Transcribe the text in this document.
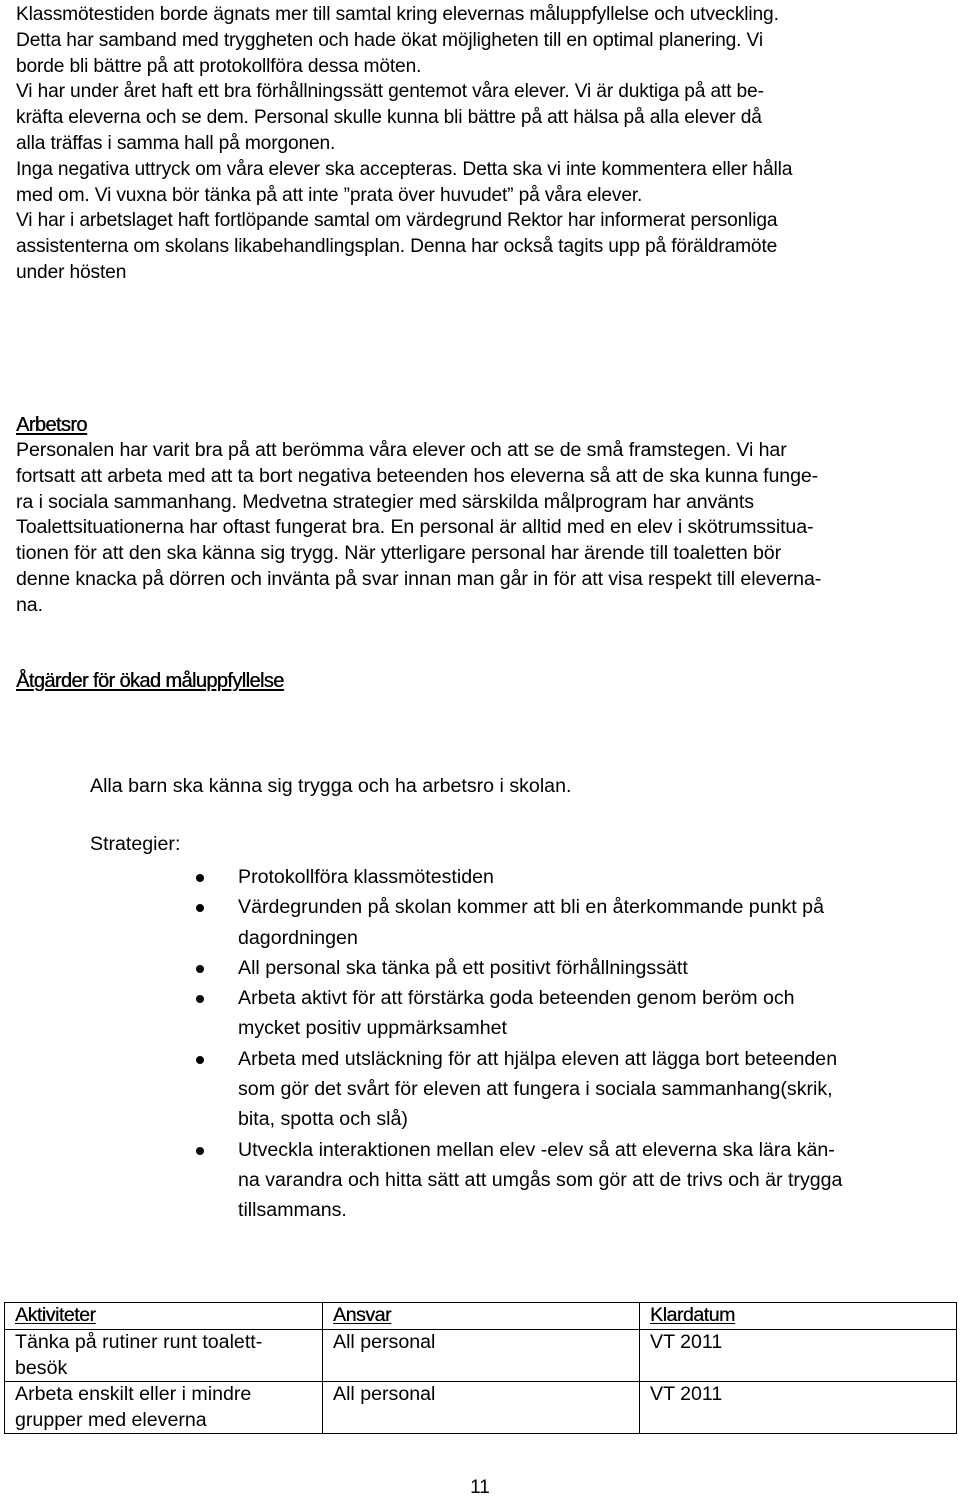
Klassmötestiden borde ägnats mer till samtal kring elevernas måluppfyllelse och utveckling.

Detta har samband med tryggheten och hade ökat möjligheten till en optimal planering. Vi

borde bli bättre på att protokollföra dessa möten.

Vi har under året haft ett bra förhållningssätt gentemot våra elever. Vi är duktiga på att be-

kräfta eleverna och se dem. Personal skulle kunna bli bättre på att hälsa på alla elever då

alla träffas i samma hall på morgonen.

Inga negativa uttryck om våra elever ska accepteras. Detta ska vi inte kommentera eller hålla

med om. Vi vuxna bör tänka på att inte ”prata över huvudet” på våra elever.

Vi har i arbetslaget haft fortlöpande samtal om värdegrund Rektor har informerat personliga

assistenterna om skolans likabehandlingsplan. Denna har också tagits upp på föräldramöte

under hösten

Arbetsro

Personalen har varit bra på att berömma våra elever och att se de små framstegen. Vi har

fortsatt att arbeta med att ta bort negativa beteenden hos eleverna så att de ska kunna funge-

ra i sociala sammanhang. Medvetna strategier med särskilda målprogram har använts

Toalettsituationerna har oftast fungerat bra. En personal är alltid med en elev i skötrumssitua-

tionen för att den ska känna sig trygg. När ytterligare personal har ärende till toaletten bör

denne knacka på dörren och invänta på svar innan man går in för att visa respekt till eleverna-

na.

Åtgärder för ökad måluppfyllelse
Alla barn ska känna sig trygga och ha arbetsro i skolan.
Strategier:
Protokollföra klassmötestiden
Värdegrunden på skolan kommer att bli en återkommande punkt på
dagordningen
All personal ska tänka på ett positivt förhållningssätt
Arbeta aktivt för att förstärka goda beteenden genom beröm och
mycket positiv uppmärksamhet
Arbeta med utsläckning för att hjälpa eleven att lägga bort beteenden
som gör det svårt för eleven att fungera i sociala sammanhang(skrik,
bita, spotta och slå)
Utveckla interaktionen mellan elev -elev så att eleverna ska lära kän-
na varandra och hitta sätt att umgås som gör att de trivs och är trygga
tillsammans.
Aktiviteter	Ansvar	Klardatum

Tänka på rutiner runt toalett-
besök	All personal	VT 2011

Arbeta enskilt eller i mindre
grupper med eleverna	All personal	VT 2011
11
